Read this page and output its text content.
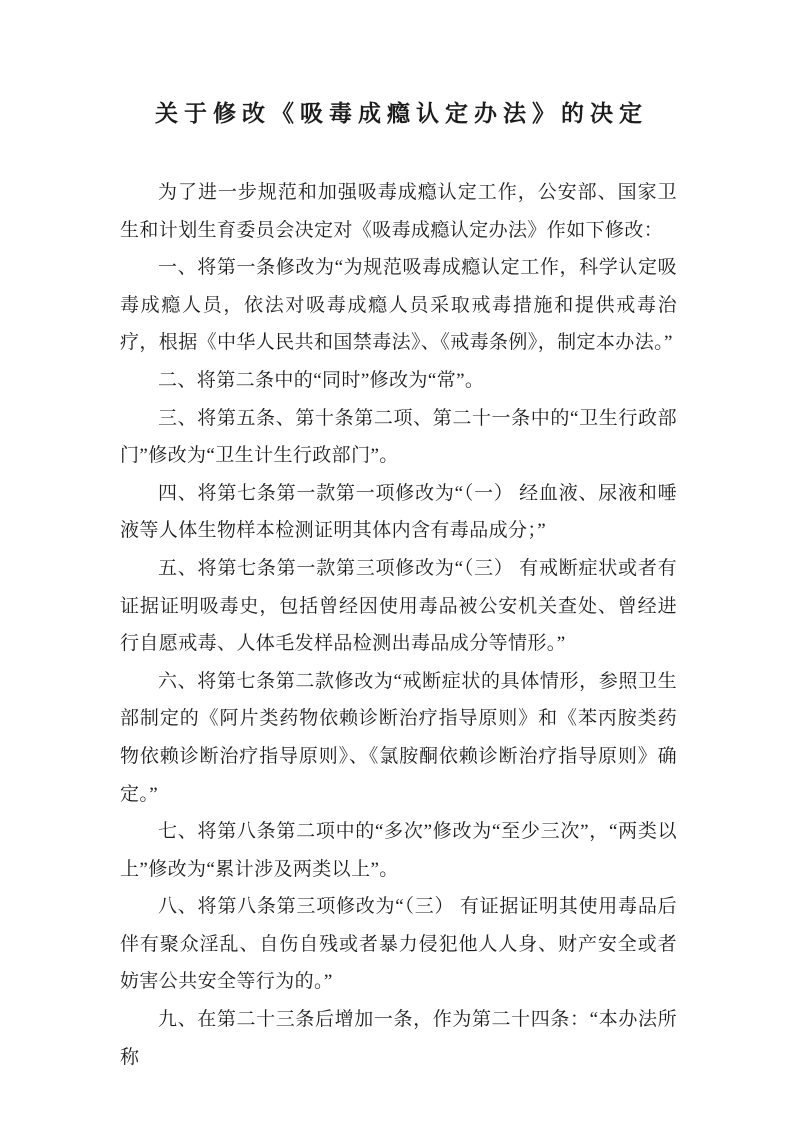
关于修改《吸毒成瘾认定办法》的决定

为了进一步规范和加强吸毒成瘾认定工作，公安部、国家卫生和计划生育委员会决定对《吸毒成瘾认定办法》作如下修改：

一、将第一条修改为“为规范吸毒成瘾认定工作，科学认定吸毒成瘾人员，依法对吸毒成瘾人员采取戒毒措施和提供戒毒治疗，根据《中华人民共和国禁毒法》、《戒毒条例》，制定本办法。”

二、将第二条中的“同时”修改为“常”。

三、将第五条、第十条第二项、第二十一条中的“卫生行政部门”修改为“卫生计生行政部门”。

四、将第七条第一款第一项修改为“（一） 经血液、尿液和唾液等人体生物样本检测证明其体内含有毒品成分；”

五、将第七条第一款第三项修改为“（三） 有戒断症状或者有证据证明吸毒史，包括曾经因使用毒品被公安机关查处、曾经进行自愿戒毒、人体毛发样品检测出毒品成分等情形。”

六、将第七条第二款修改为“戒断症状的具体情形，参照卫生部制定的《阿片类药物依赖诊断治疗指导原则》和《苯丙胺类药物依赖诊断治疗指导原则》、《氯胺酮依赖诊断治疗指导原则》确定。”

七、将第八条第二项中的“多次”修改为“至少三次”，“两类以上”修改为“累计涉及两类以上”。

八、将第八条第三项修改为“（三） 有证据证明其使用毒品后伴有聚众淫乱、自伤自残或者暴力侵犯他人人身、财产安全或者妨害公共安全等行为的。”

九、在第二十三条后增加一条，作为第二十四条：“本办法所称
